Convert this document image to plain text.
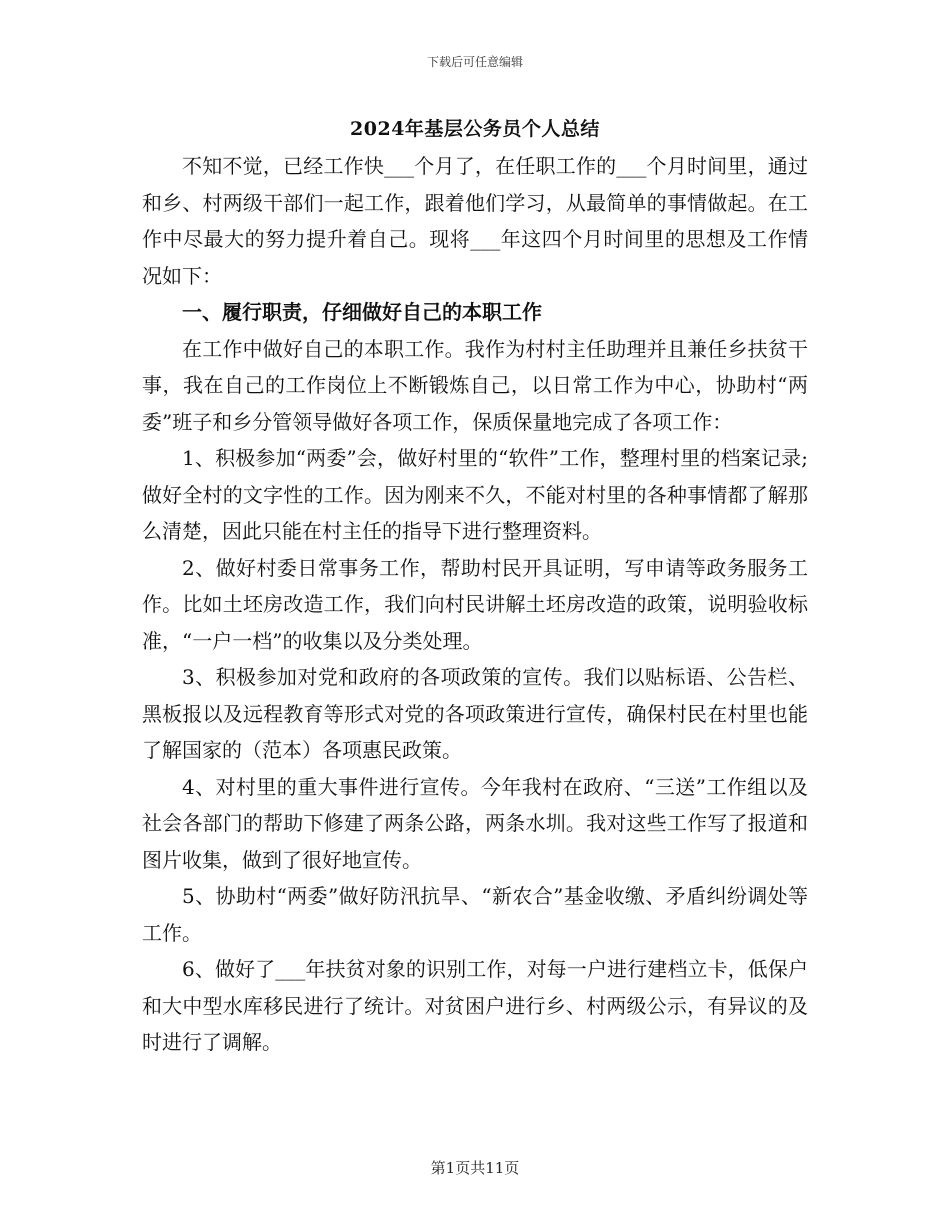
下载后可任意编辑
2024年基层公务员个人总结

不知不觉，已经工作快___个月了，在任职工作的___个月时间里，通过和乡、村两级干部们一起工作，跟着他们学习，从最简单的事情做起。在工作中尽最大的努力提升着自己。现将___年这四个月时间里的思想及工作情况如下：

一、履行职责，仔细做好自己的本职工作

在工作中做好自己的本职工作。我作为村村主任助理并且兼任乡扶贫干事，我在自己的工作岗位上不断锻炼自己，以日常工作为中心，协助村“两委”班子和乡分管领导做好各项工作，保质保量地完成了各项工作：

1、积极参加“两委”会，做好村里的“软件”工作，整理村里的档案记录;做好全村的文字性的工作。因为刚来不久，不能对村里的各种事情都了解那么清楚，因此只能在村主任的指导下进行整理资料。

2、做好村委日常事务工作，帮助村民开具证明，写申请等政务服务工作。比如土坯房改造工作，我们向村民讲解土坯房改造的政策，说明验收标准，“一户一档”的收集以及分类处理。

3、积极参加对党和政府的各项政策的宣传。我们以贴标语、公告栏、黑板报以及远程教育等形式对党的各项政策进行宣传，确保村民在村里也能了解国家的（范本）各项惠民政策。

4、对村里的重大事件进行宣传。今年我村在政府、“三送”工作组以及社会各部门的帮助下修建了两条公路，两条水圳。我对这些工作写了报道和图片收集，做到了很好地宣传。

5、协助村“两委”做好防汛抗旱、“新农合”基金收缴、矛盾纠纷调处等工作。

6、做好了___年扶贫对象的识别工作，对每一户进行建档立卡，低保户和大中型水库移民进行了统计。对贫困户进行乡、村两级公示，有异议的及时进行了调解。

第1页共11页
